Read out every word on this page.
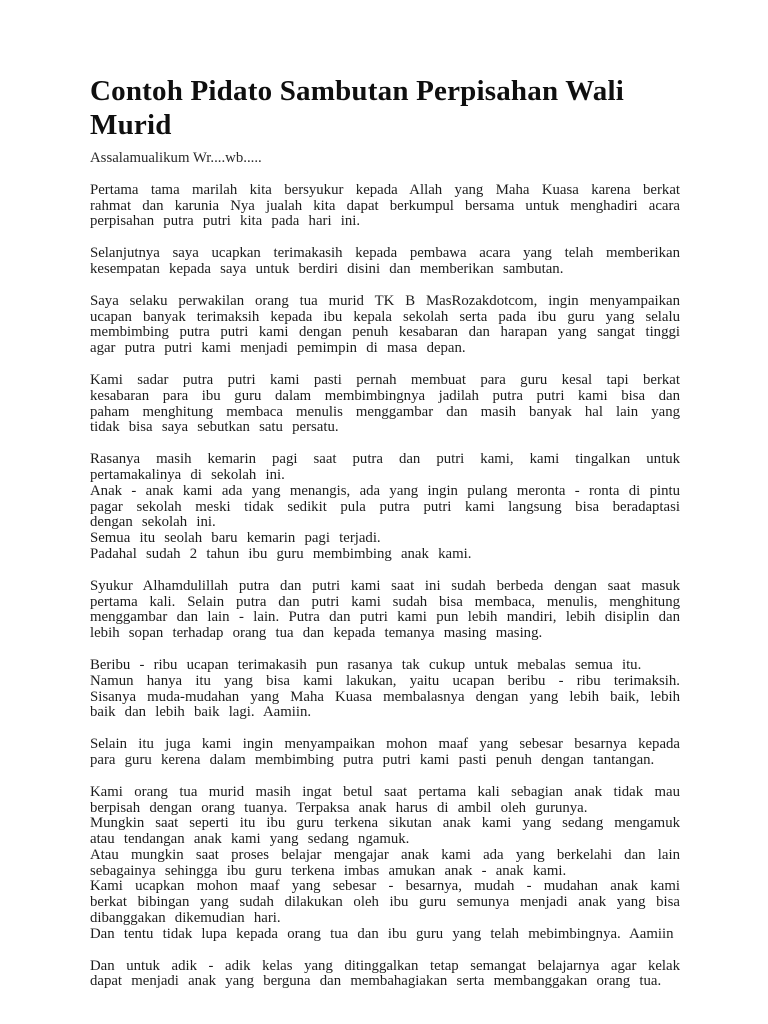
Contoh Pidato Sambutan Perpisahan Wali Murid

Assalamualikum Wr....wb.....

Pertama tama marilah kita bersyukur kepada Allah yang Maha Kuasa karena berkat rahmat dan karunia Nya jualah kita dapat berkumpul bersama untuk menghadiri acara perpisahan putra putri kita pada hari ini.

Selanjutnya saya ucapkan terimakasih kepada pembawa acara yang telah memberikan kesempatan kepada saya untuk berdiri disini dan memberikan sambutan.

Saya selaku perwakilan orang tua murid TK B MasRozakdotcom, ingin menyampaikan ucapan banyak terimaksih kepada ibu kepala sekolah serta pada ibu guru yang selalu membimbing putra putri kami dengan penuh kesabaran dan harapan yang sangat tinggi agar putra putri kami menjadi pemimpin di masa depan.

Kami sadar putra putri kami pasti pernah membuat para guru kesal tapi berkat kesabaran para ibu guru dalam membimbingnya jadilah putra putri kami bisa dan paham menghitung membaca menulis menggambar dan masih banyak hal lain yang tidak bisa saya sebutkan satu persatu.

Rasanya masih kemarin pagi saat putra dan putri kami, kami tingalkan untuk pertamakalinya di sekolah ini.
Anak - anak kami ada yang menangis, ada yang ingin pulang meronta - ronta di pintu pagar sekolah meski tidak sedikit pula putra putri kami langsung bisa beradaptasi dengan sekolah ini.
Semua itu seolah baru kemarin pagi terjadi.
Padahal sudah 2 tahun ibu guru membimbing anak kami.

Syukur Alhamdulillah putra dan putri kami saat ini sudah berbeda dengan saat masuk pertama kali. Selain putra dan putri kami sudah bisa membaca, menulis, menghitung menggambar dan lain - lain. Putra dan putri kami pun lebih mandiri, lebih disiplin dan lebih sopan terhadap orang tua dan kepada temanya masing masing.

Beribu - ribu ucapan terimakasih pun rasanya tak cukup untuk mebalas semua itu.
Namun hanya itu yang bisa kami lakukan, yaitu ucapan beribu - ribu terimaksih. Sisanya muda-mudahan yang Maha Kuasa membalasnya dengan yang lebih baik, lebih baik dan lebih baik lagi. Aamiin.

Selain itu juga kami ingin menyampaikan mohon maaf yang sebesar besarnya kepada para guru kerena dalam membimbing putra putri kami pasti penuh dengan tantangan.

Kami orang tua murid masih ingat betul saat pertama kali sebagian anak tidak mau berpisah dengan orang tuanya. Terpaksa anak harus di ambil oleh gurunya.
Mungkin saat seperti itu ibu guru terkena sikutan anak kami yang sedang mengamuk atau tendangan anak kami yang sedang ngamuk.
Atau mungkin saat proses belajar mengajar anak kami ada yang berkelahi dan lain sebagainya sehingga ibu guru terkena imbas amukan anak - anak kami.
Kami ucapkan mohon maaf yang sebesar - besarnya, mudah - mudahan anak kami berkat bibingan yang sudah dilakukan oleh ibu guru semunya menjadi anak yang bisa dibanggakan dikemudian hari.
Dan tentu tidak lupa kepada orang tua dan ibu guru yang telah mebimbingnya. Aamiin

Dan untuk adik - adik kelas yang ditinggalkan tetap semangat belajarnya agar kelak dapat menjadi anak yang berguna dan membahagiakan serta membanggakan orang tua.
